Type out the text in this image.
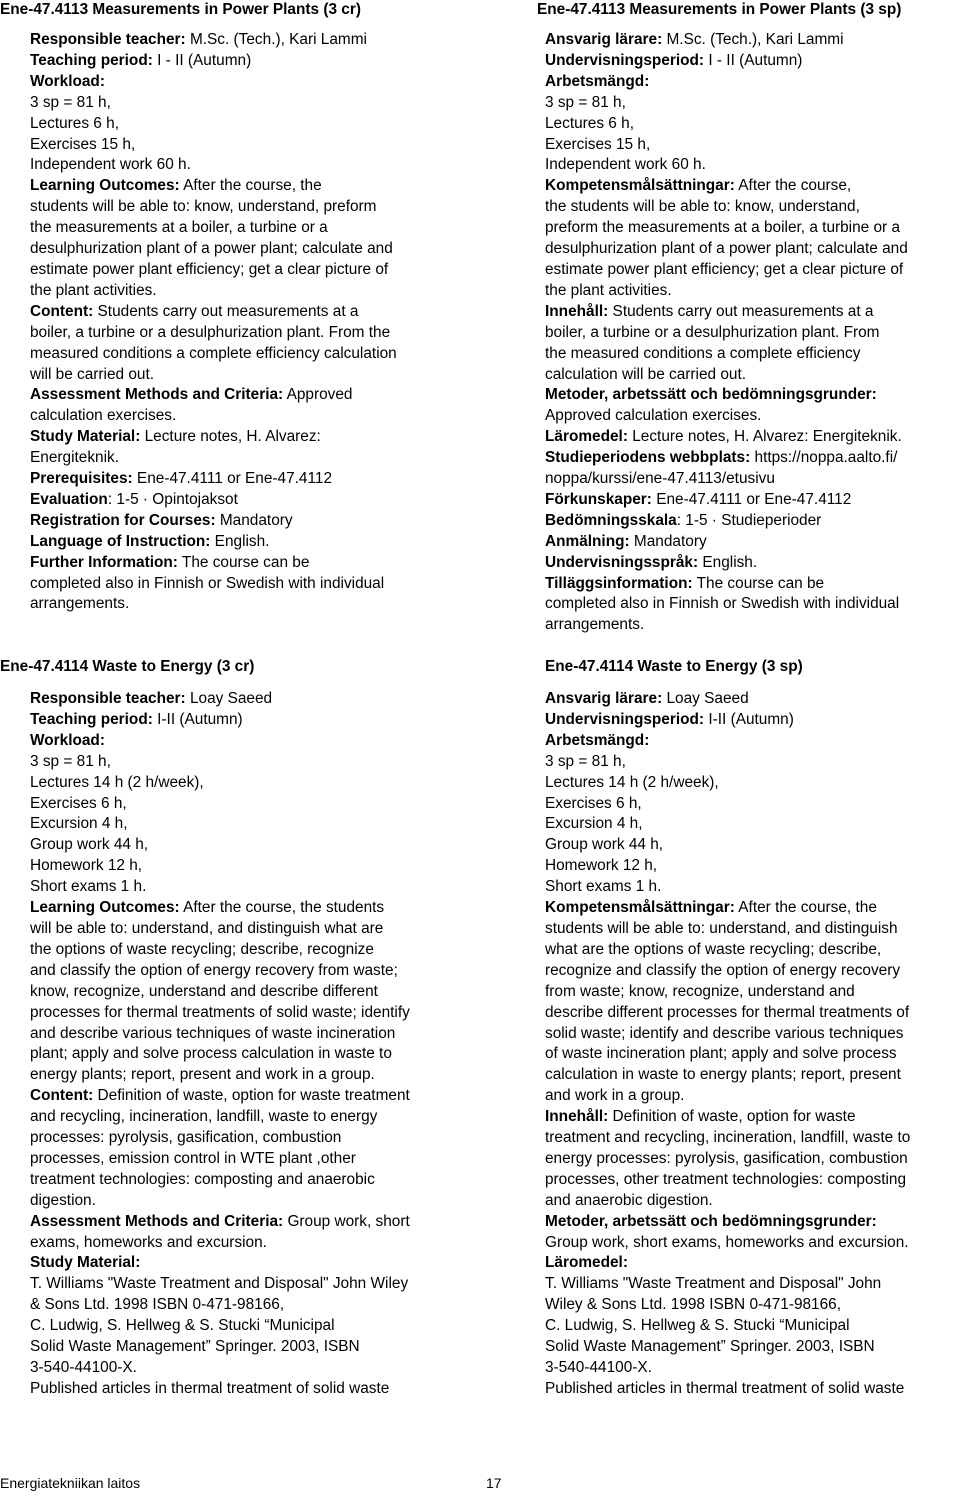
Ene-47.4113 Measurements in Power Plants (3 cr)
Responsible teacher: M.Sc. (Tech.), Kari Lammi
Teaching period: I - II (Autumn)
Workload:
3 sp = 81 h,
Lectures 6 h,
Exercises 15 h,
Independent work 60 h.
Learning Outcomes: After the course, the
students will be able to: know, understand, preform
the measurements at a boiler, a turbine or a
desulphurization plant of a power plant; calculate and
estimate power plant efficiency; get a clear picture of
the plant activities.
Content: Students carry out measurements at a
boiler, a turbine or a desulphurization plant. From the
measured conditions a complete efficiency calculation
will be carried out.
Assessment Methods and Criteria: Approved
calculation exercises.
Study Material: Lecture notes, H. Alvarez:
Energiteknik.
Prerequisites: Ene-47.4111 or Ene-47.4112
Evaluation: 1-5 · Opintojaksot
Registration for Courses: Mandatory
Language of Instruction: English.
Further Information: The course can be
completed also in Finnish or Swedish with individual
arrangements.
Ene-47.4114 Waste to Energy (3 cr)
Responsible teacher: Loay Saeed
Teaching period: I-II (Autumn)
Workload:
3 sp = 81 h,
Lectures 14 h (2 h/week),
Exercises 6 h,
Excursion 4 h,
Group work 44 h,
Homework 12 h,
Short exams 1 h.
Learning Outcomes: After the course, the students
will be able to: understand, and distinguish what are
the options of waste recycling; describe, recognize
and classify the option of energy recovery from waste;
know, recognize, understand and describe different
processes for thermal treatments of solid waste; identify
and describe various techniques of waste incineration
plant; apply and solve process calculation in waste to
energy plants; report, present and work in a group.
Content: Definition of waste, option for waste treatment
and recycling, incineration, landfill, waste to energy
processes: pyrolysis, gasification, combustion
processes, emission control in WTE plant ,other
treatment technologies: composting and anaerobic
digestion.
Assessment Methods and Criteria: Group work, short
exams, homeworks and excursion.
Study Material:
T. Williams "Waste Treatment and Disposal" John Wiley
& Sons Ltd. 1998 ISBN 0-471-98166,
C. Ludwig, S. Hellweg & S. Stucki “Municipal
Solid Waste Management” Springer. 2003, ISBN
3-540-44100-X.
Published articles in thermal treatment of solid waste
Ene-47.4113 Measurements in Power Plants (3 sp)
Ansvarig lärare: M.Sc. (Tech.), Kari Lammi
Undervisningsperiod: I - II (Autumn)
Arbetsmängd:
3 sp = 81 h,
Lectures 6 h,
Exercises 15 h,
Independent work 60 h.
Kompetensmålsättningar: After the course,
the students will be able to: know, understand,
preform the measurements at a boiler, a turbine or a
desulphurization plant of a power plant; calculate and
estimate power plant efficiency; get a clear picture of
the plant activities.
Innehåll: Students carry out measurements at a
boiler, a turbine or a desulphurization plant. From
the measured conditions a complete efficiency
calculation will be carried out.
Metoder, arbetssätt och bedömningsgrunder:
Approved calculation exercises.
Läromedel: Lecture notes, H. Alvarez: Energiteknik.
Studieperiodens webbplats: https://noppa.aalto.fi/
noppa/kurssi/ene-47.4113/etusivu
Förkunskaper: Ene-47.4111 or Ene-47.4112
Bedömningsskala: 1-5 · Studieperioder
Anmälning: Mandatory
Undervisningsspråk: English.
Tilläggsinformation: The course can be
completed also in Finnish or Swedish with individual
arrangements.
Ene-47.4114 Waste to Energy (3 sp)
Ansvarig lärare: Loay Saeed
Undervisningsperiod: I-II (Autumn)
Arbetsmängd:
3 sp = 81 h,
Lectures 14 h (2 h/week),
Exercises 6 h,
Excursion 4 h,
Group work 44 h,
Homework 12 h,
Short exams 1 h.
Kompetensmålsättningar: After the course, the
students will be able to: understand, and distinguish
what are the options of waste recycling; describe,
recognize and classify the option of energy recovery
from waste; know, recognize, understand and
describe different processes for thermal treatments of
solid waste; identify and describe various techniques
of waste incineration plant; apply and solve process
calculation in waste to energy plants; report, present
and work in a group.
Innehåll: Definition of waste, option for waste
treatment and recycling, incineration, landfill, waste to
energy processes: pyrolysis, gasification, combustion
processes, other treatment technologies: composting
and anaerobic digestion.
Metoder, arbetssätt och bedömningsgrunder:
Group work, short exams, homeworks and excursion.
Läromedel:
T. Williams "Waste Treatment and Disposal" John
Wiley & Sons Ltd. 1998 ISBN 0-471-98166,
C. Ludwig, S. Hellweg & S. Stucki “Municipal
Solid Waste Management” Springer. 2003, ISBN
3-540-44100-X.
Published articles in thermal treatment of solid waste
Energiatekniikan laitos	17
